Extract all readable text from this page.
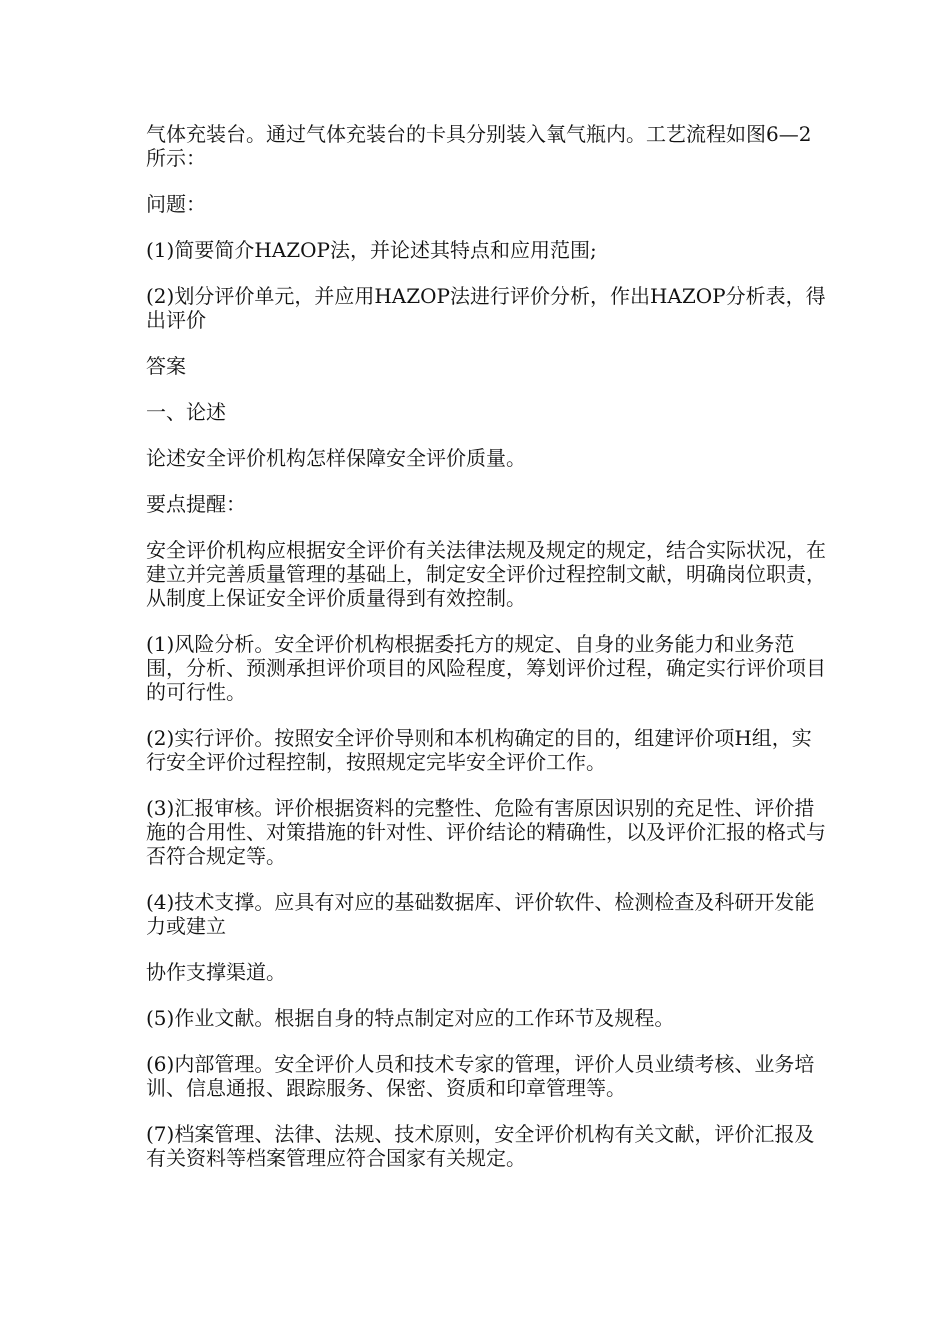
气体充装台。通过气体充装台的卡具分别装入氧气瓶内。工艺流程如图6—2所示：

问题：

(1)简要简介HAZOP法，并论述其特点和应用范围;

(2)划分评价单元，并应用HAZOP法进行评价分析，作出HAZOP分析表，得出评价

答案

一、论述

论述安全评价机构怎样保障安全评价质量。

要点提醒：

安全评价机构应根据安全评价有关法律法规及规定的规定，结合实际状况，在建立并完善质量管理的基础上，制定安全评价过程控制文献，明确岗位职责，从制度上保证安全评价质量得到有效控制。

(1)风险分析。安全评价机构根据委托方的规定、自身的业务能力和业务范围，分析、预测承担评价项目的风险程度，筹划评价过程，确定实行评价项目的可行性。

(2)实行评价。按照安全评价导则和本机构确定的目的，组建评价项H组，实行安全评价过程控制，按照规定完毕安全评价工作。

(3)汇报审核。评价根据资料的完整性、危险有害原因识别的充足性、评价措施的合用性、对策措施的针对性、评价结论的精确性，以及评价汇报的格式与否符合规定等。

(4)技术支撑。应具有对应的基础数据库、评价软件、检测检查及科研开发能力或建立

协作支撑渠道。

(5)作业文献。根据自身的特点制定对应的工作环节及规程。

(6)内部管理。安全评价人员和技术专家的管理，评价人员业绩考核、业务培训、信息通报、跟踪服务、保密、资质和印章管理等。

(7)档案管理、法律、法规、技术原则，安全评价机构有关文献，评价汇报及有关资料等档案管理应符合国家有关规定。
